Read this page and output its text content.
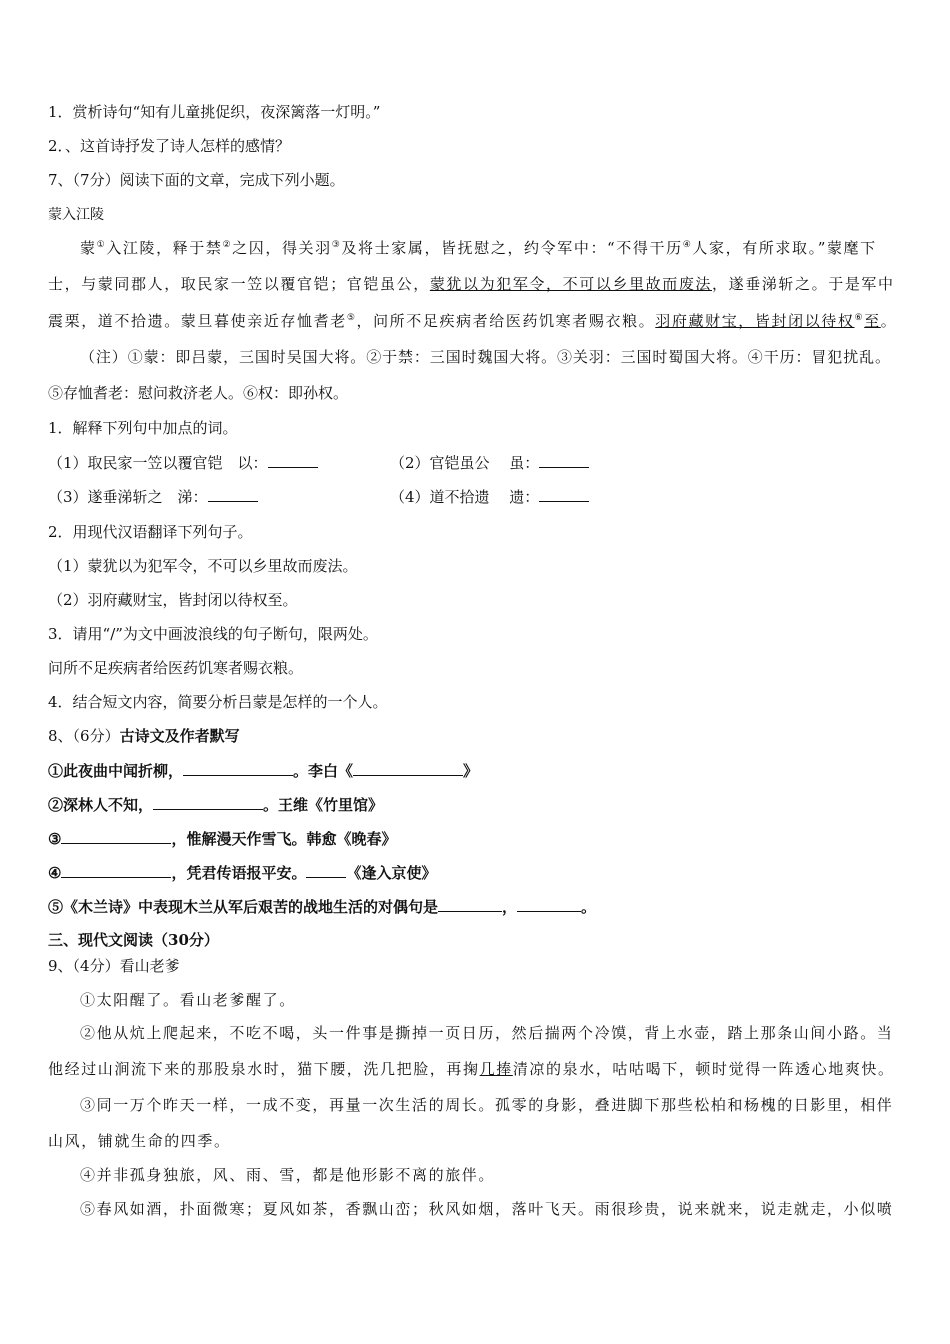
1．赏析诗句“知有儿童挑促织，夜深篱落一灯明。”
2．、这首诗抒发了诗人怎样的感情？
7、（7分）阅读下面的文章，完成下列小题。
蒙入江陵
蒙①入江陵，释于禁②之囚，得关羽③及将士家属，皆抚慰之，约令军中：“不得干历④人家，有所求取。”蒙麾下
士，与蒙同郡人，取民家一笠以覆官铠；官铠虽公，蒙犹以为犯军令，不可以乡里故而废法，遂垂涕斩之。于是军中
震栗，道不拾遗。蒙旦暮使亲近存恤耆老⑤，问所不足疾病者给医药饥寒者赐衣粮。羽府藏财宝，皆封闭以待权⑥至。
（注）①蒙：即吕蒙，三国时吴国大将。②于禁：三国时魏国大将。③关羽：三国时蜀国大将。④干历：冒犯扰乱。
⑤存恤耆老：慰问救济老人。⑥权：即孙权。
1．解释下列句中加点的词。
（1）取民家一笠以覆官铠　以：	（2）官铠虽公　 虽：
（3）遂垂涕斩之　涕：	（4）道不拾遗　 遗：
2．用现代汉语翻译下列句子。
（1）蒙犹以为犯军令，不可以乡里故而废法。
（2）羽府藏财宝，皆封闭以待权至。
3．请用“/”为文中画波浪线的句子断句，限两处。
问所不足疾病者给医药饥寒者赐衣粮。
4．结合短文内容，简要分析吕蒙是怎样的一个人。
8、（6分）古诗文及作者默写
①此夜曲中闻折柳，	。李白《	》
②深林人不知，	。王维《竹里馆》
③	，惟解漫天作雪飞。韩愈《晚春》
④	，凭君传语报平安。	《逢入京使》
⑤《木兰诗》中表现木兰从军后艰苦的战地生活的对偶句是	，	。
三、现代文阅读（30分）
9、（4分）看山老爹
①太阳醒了。看山老爹醒了。
②他从炕上爬起来，不吃不喝，头一件事是撕掉一页日历，然后揣两个冷馍，背上水壶，踏上那条山间小路。当
他经过山涧流下来的那股泉水时，猫下腰，洗几把脸，再掬几捧清凉的泉水，咕咕喝下，顿时觉得一阵透心地爽快。
③同一万个昨天一样，一成不变，再量一次生活的周长。孤零的身影，叠进脚下那些松柏和杨槐的日影里，相伴
山风，铺就生命的四季。
④并非孤身独旅，风、雨、雪，都是他形影不离的旅伴。
⑤春风如酒，扑面微寒；夏风如茶，香飘山峦；秋风如烟，落叶飞天。雨很珍贵，说来就来，说走就走，小似喷
